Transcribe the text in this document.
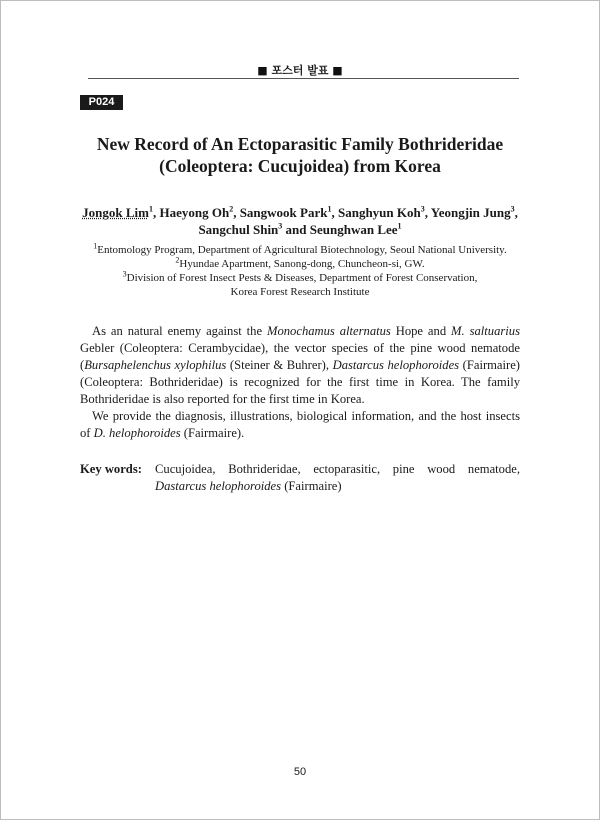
■ 포스터 발표 ■
P024
New Record of An Ectoparasitic Family Bothrideridae
(Coleoptera: Cucujoidea) from Korea
Jongok Lim$^1$, Haeyong Oh$^2$, Sangwook Park$^1$, Sanghyun Koh$^3$, Yeongjin Jung$^3$,
Sangchul Shin$^3$ and Seunghwan Lee$^1$
$^1$Entomology Program, Department of Agricultural Biotechnology, Seoul National University.
$^2$Hyundae Apartment, Sanong-dong, Chuncheon-si, GW.
$^3$Division of Forest Insect Pests & Diseases, Department of Forest Conservation,
Korea Forest Research Institute

As an natural enemy against the Monochamus alternatus Hope and M. saltuarius Gebler (Coleoptera: Cerambycidae), the vector species of the pine wood nematode (Bursaphelenchus xylophilus (Steiner & Buhrer), Dastarcus helophoroides (Fairmaire) (Coleoptera: Bothrideridae) is recognized for the first time in Korea. The family Bothrideridae is also reported for the first time in Korea.

We provide the diagnosis, illustrations, biological information, and the host insects of D. helophoroides (Fairmaire).

Key words: Cucujoidea, Bothrideridae, ectoparasitic, pine wood nematode, Dastarcus helophoroides (Fairmaire)
50
